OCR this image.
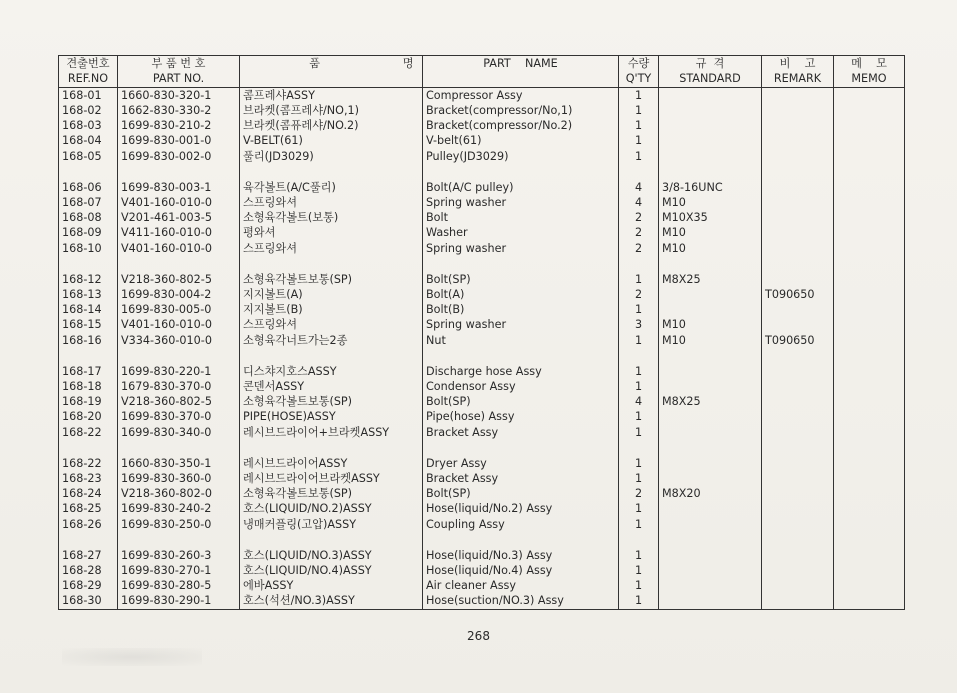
견출번호	부 품 번 호	품 명	PART    NAME	수량	규  격	비    고	메    모
REF.NO	PART NO.			Q'TY	STANDARD	REMARK	MEMO
168-01	1660-830-320-1	콤프레샤ASSY	Compressor Assy	1			
168-02	1662-830-330-2	브라켓(콤프레샤/NO,1)	Bracket(compressor/No,1)	1			
168-03	1699-830-210-2	브라켓(콤퓨레샤/NO.2)	Bracket(compressor/No.2)	1			
168-04	1699-830-001-0	V-BELT(61)	V-belt(61)	1			
168-05	1699-830-002-0	풀리(JD3029)	Pulley(JD3029)	1			

168-06	1699-830-003-1	육각볼트(A/C풀리)	Bolt(A/C pulley)	4	3/8-16UNC		
168-07	V401-160-010-0	스프링와셔	Spring washer	4	M10		
168-08	V201-461-003-5	소형육각볼트(보통)	Bolt	2	M10X35		
168-09	V411-160-010-0	평와셔	Washer	2	M10		
168-10	V401-160-010-0	스프링와셔	Spring washer	2	M10		

168-12	V218-360-802-5	소형육각볼트보통(SP)	Bolt(SP)	1	M8X25		
168-13	1699-830-004-2	지지볼트(A)	Bolt(A)	2		T090650	
168-14	1699-830-005-0	지지볼트(B)	Bolt(B)	1			
168-15	V401-160-010-0	스프링와셔	Spring washer	3	M10		
168-16	V334-360-010-0	소형육각너트가는2종	Nut	1	M10	T090650	

168-17	1699-830-220-1	디스챠지호스ASSY	Discharge hose Assy	1			
168-18	1679-830-370-0	콘덴서ASSY	Condensor Assy	1			
168-19	V218-360-802-5	소형육각볼트보통(SP)	Bolt(SP)	4	M8X25		
168-20	1699-830-370-0	PIPE(HOSE)ASSY	Pipe(hose) Assy	1			
168-22	1699-830-340-0	레시브드라이어+브라켓ASSY	Bracket Assy	1			

168-22	1660-830-350-1	레시브드라이어ASSY	Dryer Assy	1			
168-23	1699-830-360-0	레시브드라이어브라켓ASSY	Bracket Assy	1			
168-24	V218-360-802-0	소형육각볼트보통(SP)	Bolt(SP)	2	M8X20		
168-25	1699-830-240-2	호스(LIQUID/NO.2)ASSY	Hose(liquid/No.2) Assy	1			
168-26	1699-830-250-0	냉매커플링(고압)ASSY	Coupling Assy	1			

168-27	1699-830-260-3	호스(LIQUID/NO.3)ASSY	Hose(liquid/No.3) Assy	1			
168-28	1699-830-270-1	호스(LIQUID/NO.4)ASSY	Hose(liquid/No.4) Assy	1			
168-29	1699-830-280-5	에바ASSY	Air cleaner Assy	1			
168-30	1699-830-290-1	호스(석션/NO.3)ASSY	Hose(suction/NO.3) Assy	1			
268
